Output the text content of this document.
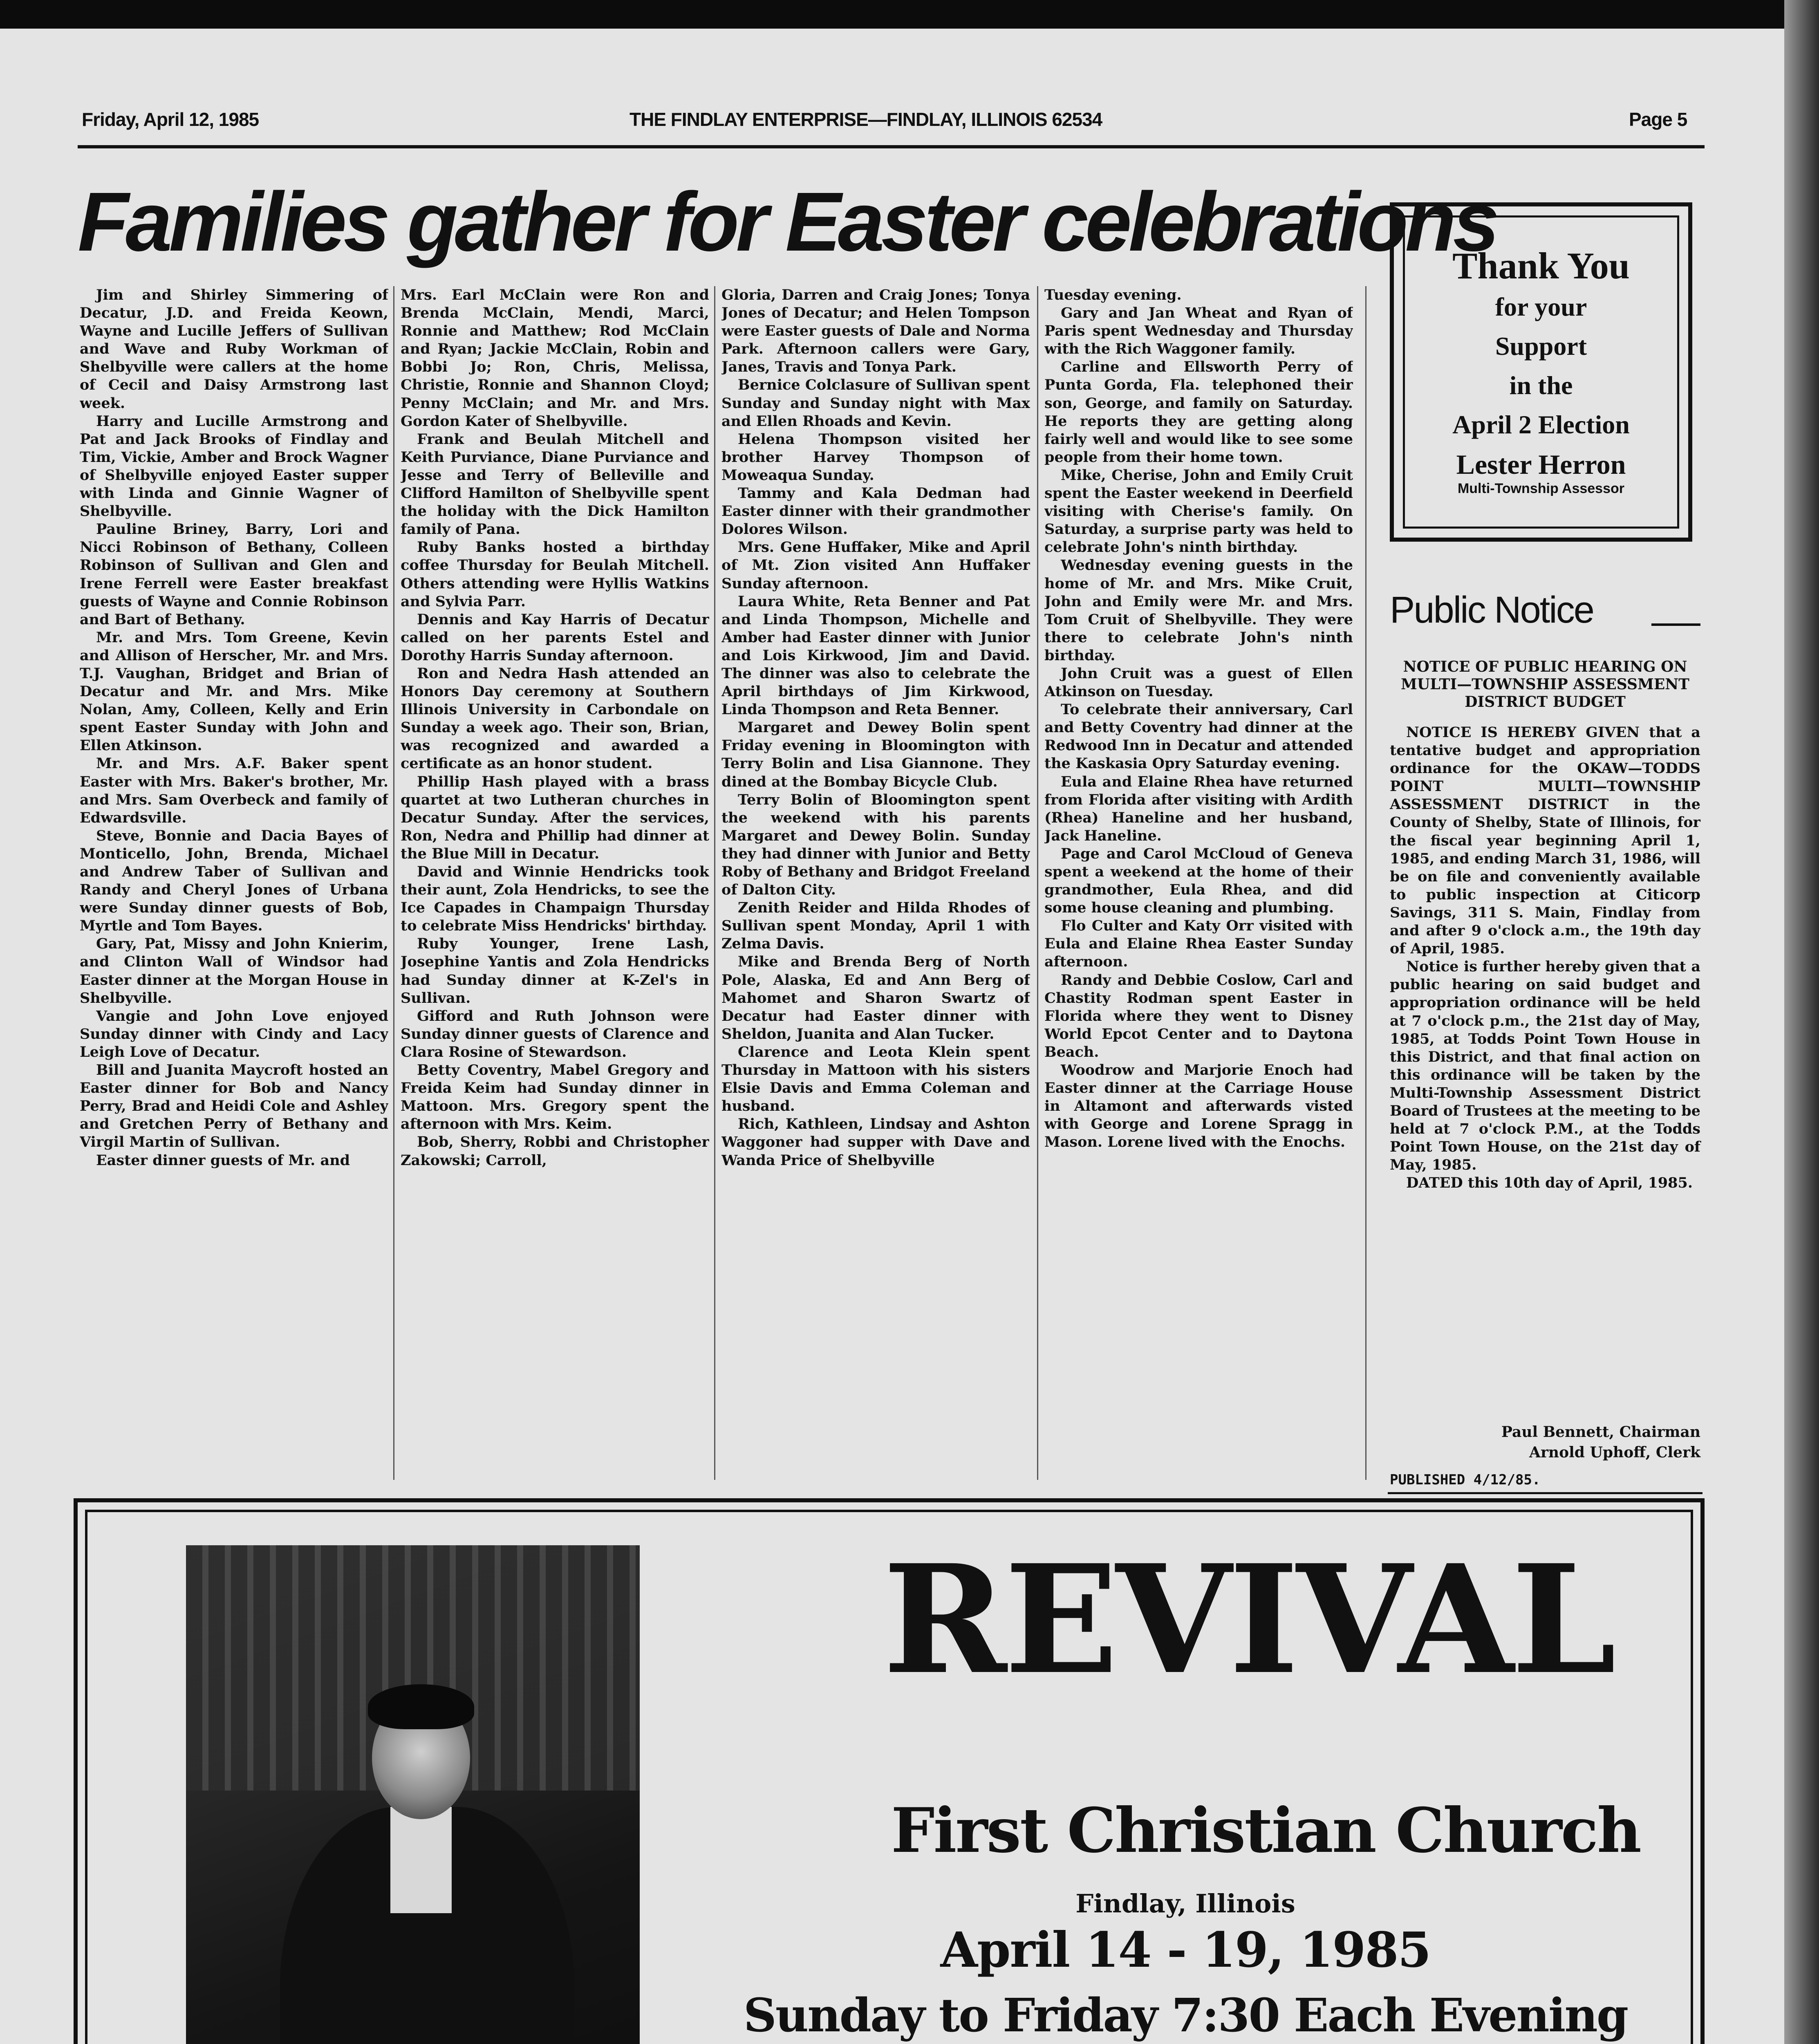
Friday, April 12, 1985	THE FINDLAY ENTERPRISE—FINDLAY, ILLINOIS 62534	Page 5
Families gather for Easter celebrations

Jim and Shirley Simmering of Decatur, J.D. and Freida Keown, Wayne and Lucille Jeffers of Sullivan and Wave and Ruby Workman of Shelbyville were callers at the home of Cecil and Daisy Armstrong last week.

Harry and Lucille Armstrong and Pat and Jack Brooks of Findlay and Tim, Vickie, Amber and Brock Wagner of Shelbyville enjoyed Easter supper with Linda and Ginnie Wagner of Shelbyville.

Pauline Briney, Barry, Lori and Nicci Robinson of Bethany, Colleen Robinson of Sullivan and Glen and Irene Ferrell were Easter breakfast guests of Wayne and Connie Robinson and Bart of Bethany.

Mr. and Mrs. Tom Greene, Kevin and Allison of Herscher, Mr. and Mrs. T.J. Vaughan, Bridget and Brian of Decatur and Mr. and Mrs. Mike Nolan, Amy, Colleen, Kelly and Erin spent Easter Sunday with John and Ellen Atkinson.

Mr. and Mrs. A.F. Baker spent Easter with Mrs. Baker's brother, Mr. and Mrs. Sam Overbeck and family of Edwardsville.

Steve, Bonnie and Dacia Bayes of Monticello, John, Brenda, Michael and Andrew Taber of Sullivan and Randy and Cheryl Jones of Urbana were Sunday dinner guests of Bob, Myrtle and Tom Bayes.

Gary, Pat, Missy and John Knierim, and Clinton Wall of Windsor had Easter dinner at the Morgan House in Shelbyville.

Vangie and John Love enjoyed Sunday dinner with Cindy and Lacy Leigh Love of Decatur.

Bill and Juanita Maycroft hosted an Easter dinner for Bob and Nancy Perry, Brad and Heidi Cole and Ashley and Gretchen Perry of Bethany and Virgil Martin of Sullivan.

Easter dinner guests of Mr. and

Mrs. Earl McClain were Ron and Brenda McClain, Mendi, Marci, Ronnie and Matthew; Rod McClain and Ryan; Jackie McClain, Robin and Bobbi Jo; Ron, Chris, Melissa, Christie, Ronnie and Shannon Cloyd; Penny McClain; and Mr. and Mrs. Gordon Kater of Shelbyville.

Frank and Beulah Mitchell and Keith Purviance, Diane Purviance and Jesse and Terry of Belleville and Clifford Hamilton of Shelbyville spent the holiday with the Dick Hamilton family of Pana.

Ruby Banks hosted a birthday coffee Thursday for Beulah Mitchell. Others attending were Hyllis Watkins and Sylvia Parr.

Dennis and Kay Harris of Decatur called on her parents Estel and Dorothy Harris Sunday afternoon.

Ron and Nedra Hash attended an Honors Day ceremony at Southern Illinois University in Carbondale on Sunday a week ago. Their son, Brian, was recognized and awarded a certificate as an honor student.

Phillip Hash played with a brass quartet at two Lutheran churches in Decatur Sunday. After the services, Ron, Nedra and Phillip had dinner at the Blue Mill in Decatur.

David and Winnie Hendricks took their aunt, Zola Hendricks, to see the Ice Capades in Champaign Thursday to celebrate Miss Hendricks' birthday.

Ruby Younger, Irene Lash, Josephine Yantis and Zola Hendricks had Sunday dinner at K-Zel's in Sullivan.

Gifford and Ruth Johnson were Sunday dinner guests of Clarence and Clara Rosine of Stewardson.

Betty Coventry, Mabel Gregory and Freida Keim had Sunday dinner in Mattoon. Mrs. Gregory spent the afternoon with Mrs. Keim.

Bob, Sherry, Robbi and Christopher Zakowski; Carroll,

Gloria, Darren and Craig Jones; Tonya Jones of Decatur; and Helen Tompson were Easter guests of Dale and Norma Park. Afternoon callers were Gary, Janes, Travis and Tonya Park.

Bernice Colclasure of Sullivan spent Sunday and Sunday night with Max and Ellen Rhoads and Kevin.

Helena Thompson visited her brother Harvey Thompson of Moweaqua Sunday.

Tammy and Kala Dedman had Easter dinner with their grandmother Dolores Wilson.

Mrs. Gene Huffaker, Mike and April of Mt. Zion visited Ann Huffaker Sunday afternoon.

Laura White, Reta Benner and Pat and Linda Thompson, Michelle and Amber had Easter dinner with Junior and Lois Kirkwood, Jim and David. The dinner was also to celebrate the April birthdays of Jim Kirkwood, Linda Thompson and Reta Benner.

Margaret and Dewey Bolin spent Friday evening in Bloomington with Terry Bolin and Lisa Giannone. They dined at the Bombay Bicycle Club.

Terry Bolin of Bloomington spent the weekend with his parents Margaret and Dewey Bolin. Sunday they had dinner with Junior and Betty Roby of Bethany and Bridgot Freeland of Dalton City.

Zenith Reider and Hilda Rhodes of Sullivan spent Monday, April 1 with Zelma Davis.

Mike and Brenda Berg of North Pole, Alaska, Ed and Ann Berg of Mahomet and Sharon Swartz of Decatur had Easter dinner with Sheldon, Juanita and Alan Tucker.

Clarence and Leota Klein spent Thursday in Mattoon with his sisters Elsie Davis and Emma Coleman and husband.

Rich, Kathleen, Lindsay and Ashton Waggoner had supper with Dave and Wanda Price of Shelbyville

Tuesday evening.

Gary and Jan Wheat and Ryan of Paris spent Wednesday and Thursday with the Rich Waggoner family.

Carline and Ellsworth Perry of Punta Gorda, Fla. telephoned their son, George, and family on Saturday. He reports they are getting along fairly well and would like to see some people from their home town.

Mike, Cherise, John and Emily Cruit spent the Easter weekend in Deerfield visiting with Cherise's family. On Saturday, a surprise party was held to celebrate John's ninth birthday.

Wednesday evening guests in the home of Mr. and Mrs. Mike Cruit, John and Emily were Mr. and Mrs. Tom Cruit of Shelbyville. They were there to celebrate John's ninth birthday.

John Cruit was a guest of Ellen Atkinson on Tuesday.

To celebrate their anniversary, Carl and Betty Coventry had dinner at the Redwood Inn in Decatur and attended the Kaskasia Opry Saturday evening.

Eula and Elaine Rhea have returned from Florida after visiting with Ardith (Rhea) Haneline and her husband, Jack Haneline.

Page and Carol McCloud of Geneva spent a weekend at the home of their grandmother, Eula Rhea, and did some house cleaning and plumbing.

Flo Culter and Katy Orr visited with Eula and Elaine Rhea Easter Sunday afternoon.

Randy and Debbie Coslow, Carl and Chastity Rodman spent Easter in Florida where they went to Disney World Epcot Center and to Daytona Beach.

Woodrow and Marjorie Enoch had Easter dinner at the Carriage House in Altamont and afterwards visted with George and Lorene Spragg in Mason. Lorene lived with the Enochs.

Thank You
for your
Support
in the
April 2 Election
Lester Herron
Multi-Township Assessor
Public Notice
NOTICE OF PUBLIC HEARING ON MULTI—TOWNSHIP ASSESSMENT DISTRICT BUDGET

NOTICE IS HEREBY GIVEN that a tentative budget and appropriation ordinance for the OKAW—TODDS POINT MULTI—TOWNSHIP ASSESSMENT DISTRICT in the County of Shelby, State of Illinois, for the fiscal year beginning April 1, 1985, and ending March 31, 1986, will be on file and conveniently available to public inspection at Citicorp Savings, 311 S. Main, Findlay from and after 9 o'clock a.m., the 19th day of April, 1985.

Notice is further hereby given that a public hearing on said budget and appropriation ordinance will be held at 7 o'clock p.m., the 21st day of May, 1985, at Todds Point Town House in this District, and that final action on this ordinance will be taken by the Multi-Township Assessment District Board of Trustees at the meeting to be held at 7 o'clock P.M., at the Todds Point Town House, on the 21st day of May, 1985.

DATED this 10th day of April, 1985.

Paul Bennett, Chairman
Arnold Uphoff, Clerk
PUBLISHED 4/12/85.
REVIVAL
First Christian Church
Findlay, Illinois
April 14 - 19, 1985
Sunday to Friday 7:30 Each Evening
